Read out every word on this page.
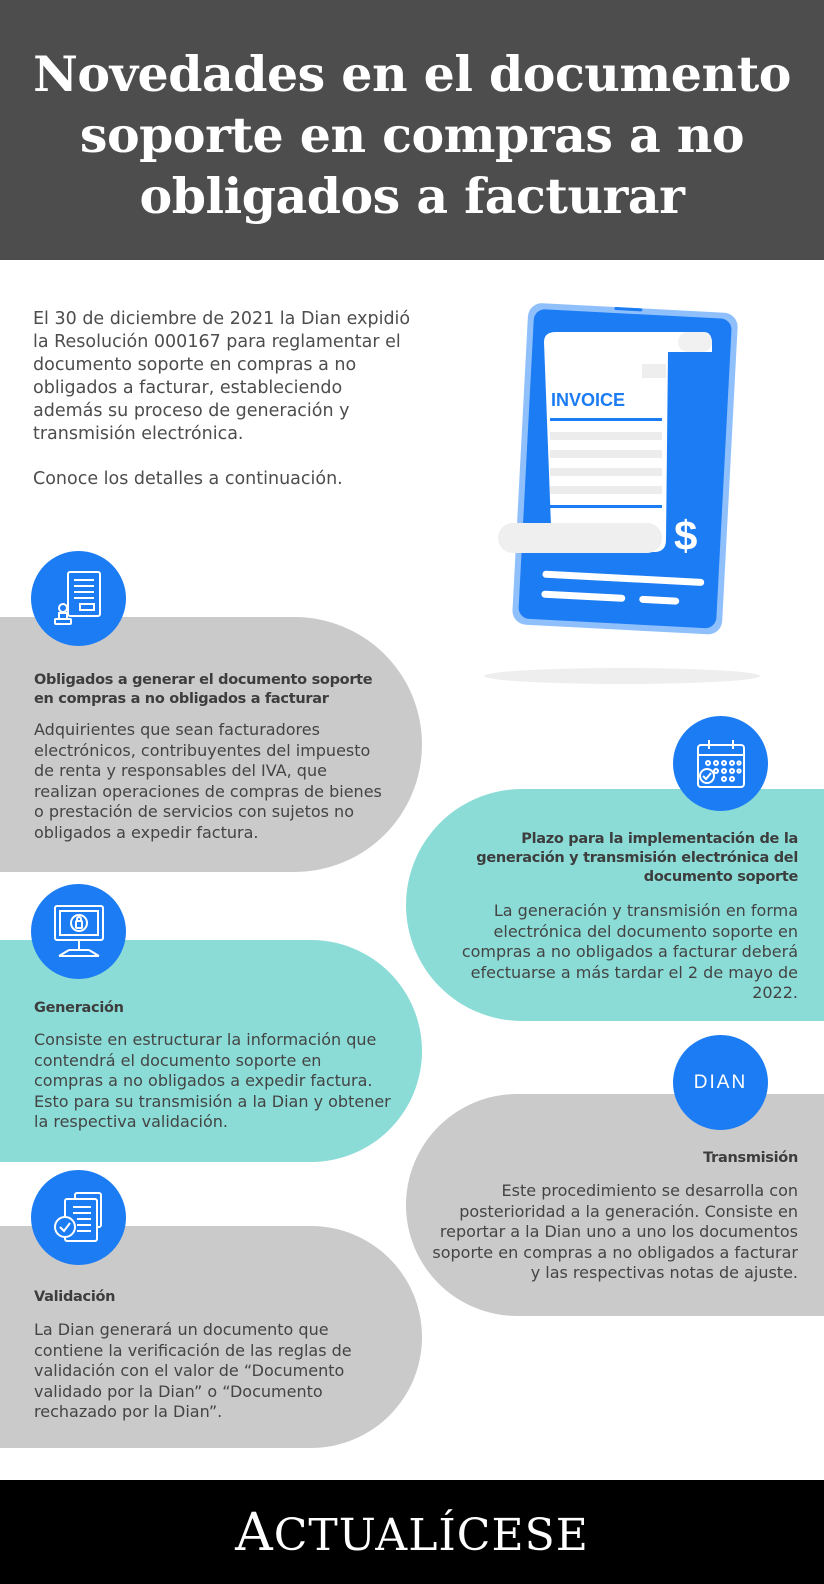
Novedades en el documento soporte en compras a no obligados a facturar

El 30 de diciembre de 2021 la Dian expidió la Resolución 000167 para reglamentar el documento soporte en compras a no obligados a facturar, estableciendo además su proceso de generación y transmisión electrónica.

Conoce los detalles a continuación.

INVOICE
$
Obligados a generar el documento soporte en compras a no obligados a facturar
Adquirientes que sean facturadores electrónicos, contribuyentes del impuesto de renta y responsables del IVA, que realizan operaciones de compras de bienes o prestación de servicios con sujetos no obligados a expedir factura.	Plazo para la implementación de la generación y transmisión electrónica del documento soporte
La generación y transmisión en forma electrónica del documento soporte en compras a no obligados a facturar deberá efectuarse a más tardar el 2 de mayo de 2022.
Generación
Consiste en estructurar la información que contendrá el documento soporte en compras a no obligados a expedir factura. Esto para su transmisión a la Dian y obtener la respectiva validación.
DIAN
Transmisión
Este procedimiento se desarrolla con posterioridad a la generación. Consiste en reportar a la Dian uno a uno los documentos soporte en compras a no obligados a facturar y las respectivas notas de ajuste.
Validación
La Dian generará un documento que contiene la verificación de las reglas de validación con el valor de “Documento validado por la Dian” o “Documento rechazado por la Dian”.
ACTUALÍCESE
